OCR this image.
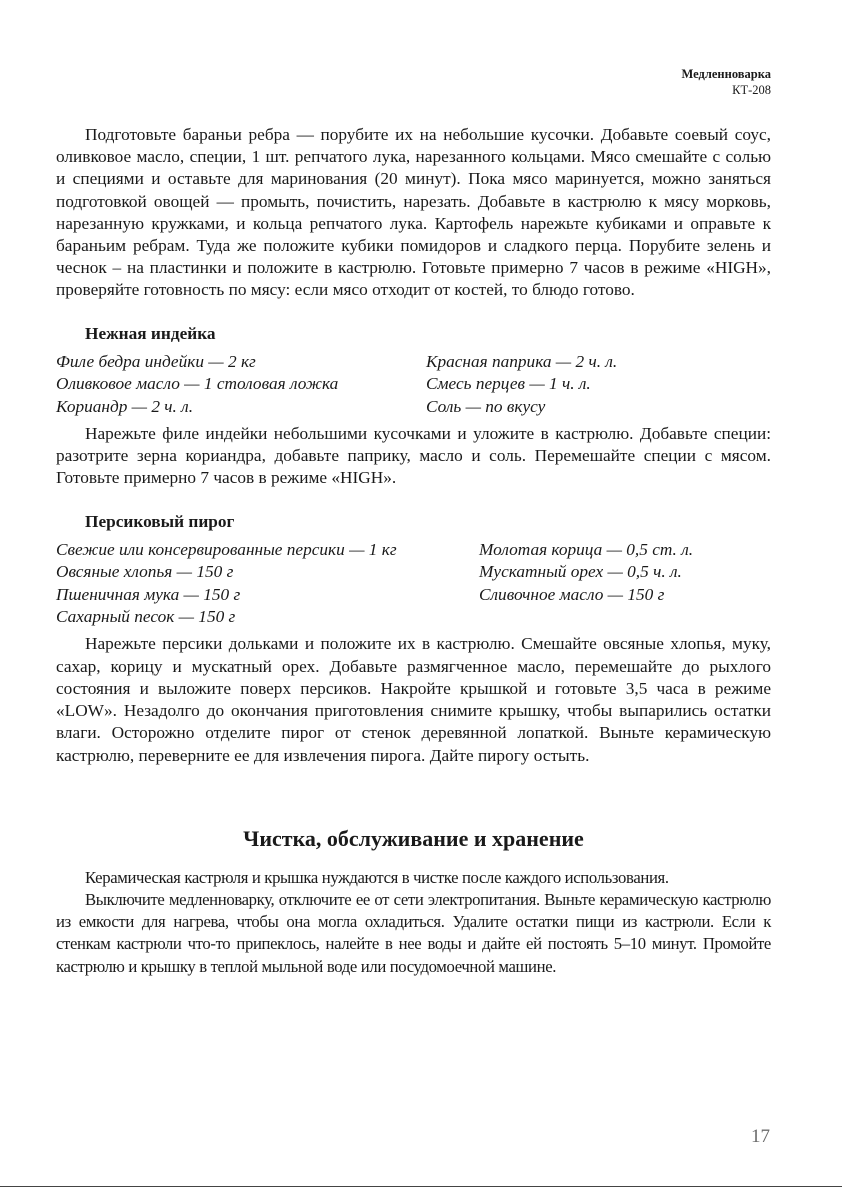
Медленноварка
КТ-208

Подготовьте бараньи ребра — порубите их на небольшие кусочки. Добавьте соевый соус, оливковое масло, специи, 1 шт. репчатого лука, нарезанного кольцами. Мясо смешайте с солью и специями и оставьте для маринования (20 минут). Пока мясо маринуется, можно заняться подготовкой овощей — промыть, почистить, нарезать. Добавьте в кастрюлю к мясу морковь, нарезанную кружками, и кольца репчатого лука. Картофель нарежьте кубиками и оправьте к бараньим ребрам. Туда же положите кубики помидоров и сладкого перца. Порубите зелень и чеснок – на пластинки и положите в кастрюлю. Готовьте примерно 7 часов в режиме «HIGH», проверяйте готовность по мясу: если мясо отходит от костей, то блюдо готово.

Нежная индейка
Филе бедра индейки — 2 кг
Оливковое масло — 1 столовая ложка
Кориандр — 2 ч. л.
Красная паприка — 2 ч. л.
Смесь перцев — 1 ч. л.
Соль — по вкусу

Нарежьте филе индейки небольшими кусочками и уложите в кастрюлю. Добавьте специи: разотрите зерна кориандра, добавьте паприку, масло и соль. Перемешайте специи с мясом. Готовьте примерно 7 часов в режиме «HIGH».

Персиковый пирог
Свежие или консервированные персики — 1 кг
Овсяные хлопья — 150 г
Пшеничная мука — 150 г
Сахарный песок — 150 г
Молотая корица — 0,5 ст. л.
Мускатный орех — 0,5 ч. л.
Сливочное масло — 150 г

Нарежьте персики дольками и положите их в кастрюлю. Смешайте овсяные хлопья, муку, сахар, корицу и мускатный орех. Добавьте размягченное масло, перемешайте до рыхлого состояния и выложите поверх персиков. Накройте крышкой и готовьте 3,5 часа в режиме «LOW». Незадолго до окончания приготовления снимите крышку, чтобы выпарились остатки влаги. Осторожно отделите пирог от стенок деревянной лопаткой. Выньте керамическую кастрюлю, переверните ее для извлечения пирога. Дайте пирогу остыть.

Чистка, обслуживание и хранение

Керамическая кастрюля и крышка нуждаются в чистке после каждого использования.

Выключите медленноварку, отключите ее от сети электропитания. Выньте керамическую кастрюлю из емкости для нагрева, чтобы она могла охладиться. Удалите остатки пищи из кастрюли. Если к стенкам кастрюли что-то припеклось, налейте в нее воды и дайте ей постоять 5–10 минут. Промойте кастрюлю и крышку в теплой мыльной воде или посудомоечной машине.

17
